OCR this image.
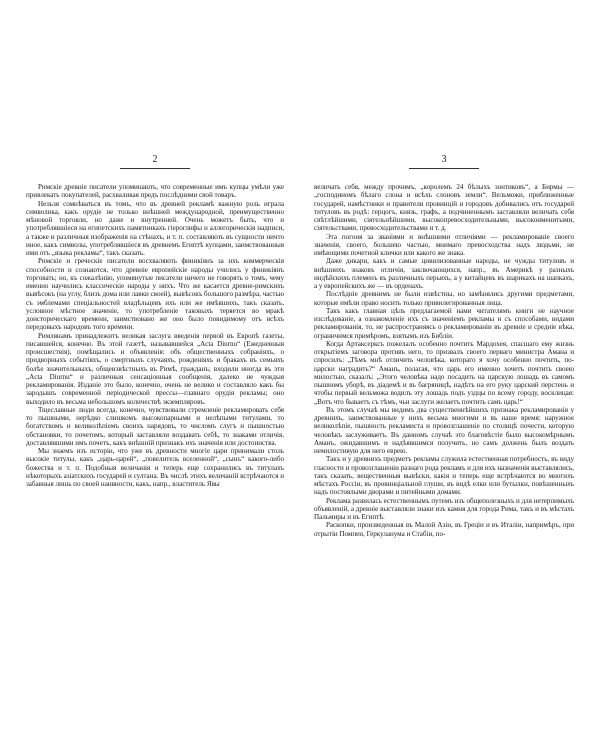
2

Римскіе древніе писатели упоминають, что современные имъ купцы умѣли уже привлекать покупателей, расхваливая предъ послѣдними свой товаръ.

Нельзя сомнѣваться въ томъ, что въ древней рекламѣ важную роль играла символика, какъ орудіе не только внѣшней международной, преимущественно мѣновой торговли, но даже и внутренней. Очень можетъ быть, что и употреблявшіеся на египетскихъ памятникахъ гіероглифы и аллегорическія надписи, а также и различныя изображенія на стѣнахъ, и т. п. составляють въ сущности ничто иное, какъ символы, употреблявшіеся въ древнемъ Египтѣ купцами, заимствованныя ими отъ „языка рекламы“, такъ сказать.

Римскіе и греческіе писатели восхваляють финикіянъ за ихъ коммерческія способности и сознаются, что древніе европейскіе народы учились у финикіянъ торговать; но, къ сожалѣнію, упомянутые писатели ничего не говорять о томъ, чему именно научились классическіе народы у нихъ. Что же касается древне-римскихъ вывѣсокъ (на углу, близъ дома или лавки своей), вывѣсокъ большого размѣра, частью съ эмблемами спеціальностей владѣльцевъ ихъ или же имѣвшихъ, такъ сказать, условное мѣстное значеніе, то употребленіе таковыхъ теряется во мракѣ доисторическаго времени, заимствовано же оно было повидимому отъ всѣхъ передовыхъ народовъ того времени.

Римлянамъ принадлежитъ великая заслуга введенія первой въ Европѣ газеты, писавшейся, конечно. Въ этой газетѣ, называвшейся „Acta Diurnu“ (Ежедневныя происшествія), помѣщались и объявленія: объ общественныхъ собраніяхъ, о придворныхъ событіяхъ, о смертныхъ случаяхъ, рожденіяхъ и бракахъ въ семьяхъ болѣе значительныхъ, общеизвѣстныхъ въ Римѣ, гражданъ; входили иногда въ эти „Acta Diurnu“ и различныя сенсаціонныя сообщенія, далеко не чуждыя рекламированія. Изданіе это было, конечно, очень не велико и составляло какъ бы зародышъ современной періодической прессы—главнаго орудія рекламы; оно выходило въ весьма небольшомъ количествѣ экземпляровъ.

Тщеславные люди всегда, конечно, чувствовали стремленіе рекламировать себя то пышными, нерѣдко слишкомъ высокопарными и нелѣпыми титулами, то богатствомъ и великолѣпіемъ своихъ нарядовъ, то числомъ слугъ и пышностью обстановки, то почетомъ, который заставляли воздавать себѣ, то знаками отличія, доставлявшими имъ почетъ, какъ внѣшній признакъ ихъ значенія или достоинства.

Мы знаемъ изъ исторіи, что уже въ древности многіе цари принимали столь высокіе титулы, какъ „царь-царей“, „повелитель вселенной“, „сынъ“ какого-либо божества и т. п. Подобныя величанія и теперь еще сохранились въ титулахъ нѣкоторыхъ азіатскихъ государей и султана. Въ числѣ этихъ величаній встрѣчаются и забавныя лишь по своей наивности, какъ, напр., властитель Явы

3

величать себя, между прочимъ, „королемъ 24 бѣлыхъ зонтиковъ“, а Бирмы — „господиномъ бѣлаго слона и всѣхъ слоновъ земли“. Вельможи, приближенные государей, намѣстники и правители провинцій и городовъ добивались отъ государей титуловъ въ родѣ: герцогъ, князь, графъ, а подчиненнымъ заставляли величать себя свѣтлѣйшими, сіятельнѣйшими, высокопревосходительными, высокоименитыми, сіятельствами, превосходительствами и т. д.

Эта погоня за званіями и внѣшними отличіями — рекламированіе своего значенія, своего, большею частью, мнимаго превосходства надъ людьми, не имѣющими почетной клички или какого же знака.

Даже дикари, какъ и самые цивилизованные народы, не чужды титуловъ и внѣшнихъ знаковъ отличія, заключающихся, напр., въ Америкѣ у разныхъ индѣйскихъ племенъ въ различныхъ перьяхъ, а у китайцевъ въ шарикахъ на шапкахъ, а у европейскихъ же — въ орденахъ.

Послѣдніе древнимъ не были извѣстны, но замѣнялись другими предметами, которые имѣли право носить только привилегированныя лица.

Такъ какъ главная цѣль предлагаемой нами читателямъ книги не научное изслѣдованіе, а ознакомленіе ихъ съ значеніемъ рекламы и съ способами, видами рекламированія, то, не распространяясь о рекламированіи въ древніе и средніе вѣка, ограничимся примѣромъ, взятымъ изъ Библіи.

Когда Артаксерксъ пожелалъ особенно почтить Мардохея, спасшаго ему жизнь открытіемъ заговора противъ него, то призвалъ своего перваго министра Амана и спросилъ: „Тѣмъ мнѣ отличить человѣка, котораго я хочу особенно почтить, по-царски наградить?“ Аманъ, полагая, что царь его именно хочетъ почтить своею милостью, сказалъ: „Этого человѣка надо посадить на царскую лошадь въ самомъ пышномъ уборѣ, въ діадемѣ и въ багряницѣ, надѣть на его руку царский перстень и чтобы первый вельможа водилъ эту лошадь подъ уздцы по всему городу, восклицая: „Вотъ что бываетъ съ тѣмъ, чьи заслуги желаетъ почтить самъ царь!“

Въ этомъ случаѣ мы видимъ два существеннѣйшихъ признака рекламированія у древнихъ, заимствованные у нихъ весьма многими и въ наше время: наружное великолѣпіе, пышность рекламиста и провозглашеніе по столицѣ почести, которую человѣкъ заслуживаетъ. Въ данномъ случаѣ это благовѣстіе было высокомѣрнымъ Аманъ, ожидавшимъ и надѣявшимся получить, но самъ должень былъ воздать немилостивую для него еврею.

Такъ и у древнихъ предметъ рекламы служила естественная потребность, въ виду гласности и провозглашеніи разнаго рода рекламъ и для ихъ назначенія выставлялись, такъ сказать, вещественныя вывѣски, какія и теперь еще встрѣчаются во многихъ мѣстахъ Россіи, въ провинціальной глуши, въ видѣ елки или бутылки, повѣшенныхъ надъ постоялыми дворами и питейными домами.

Реклама развилась естественнымъ путемъ изъ общеполезныхъ и для нетерпимыхъ объявленій, а древніе выставляли знаки изъ камня для города Рима, такъ и въ мѣстахъ Пальмиры и въ Египтѣ.

Раскопки, произведенныя въ Малой Азіи, въ Греціи и въ Италіи, напримѣръ, при отрытіи Помпеи, Геркуланума и Стабіи, по-
